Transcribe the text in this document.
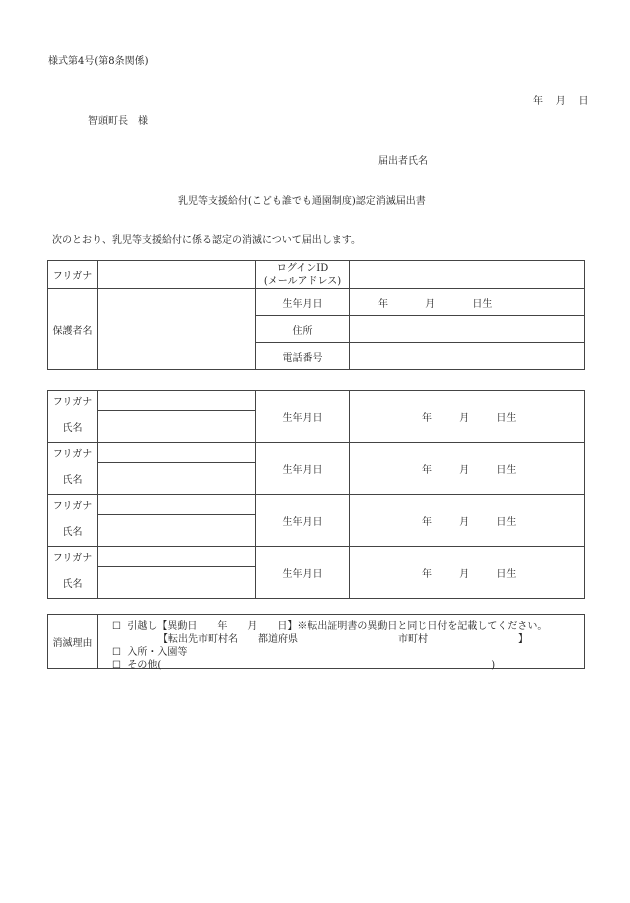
様式第4号(第8条関係)
年 月 日
智頭町長　様
届出者氏名
乳児等支援給付(こども誰でも通園制度)認定消滅届出書
次のとおり、乳児等支援給付に係る認定の消滅について届出します。
フリガナ		ログインID
(メールアドレス)	

保護者名		生年月日	年 月 日生
		住所	
		電話番号	
フリガナ		生年月日	年 月 日生
氏名			
フリガナ		生年月日	年 月 日生
氏名			
フリガナ		生年月日	年 月 日生
氏名			
フリガナ		生年月日	年 月 日生
氏名			
消滅理由	
☐ 引越し【異動日　　年　　月　　日】※転出証明書の異動日と同じ日付を記載してください。
【転出先市町村名　　都道府県　　　　　　　　　　市町村　　　　　　　　　】
☐ 入所・入園等
☐ その他(　　　　　　　　　　　　　　　　　　　　　　　　　　　　　　　　　)
